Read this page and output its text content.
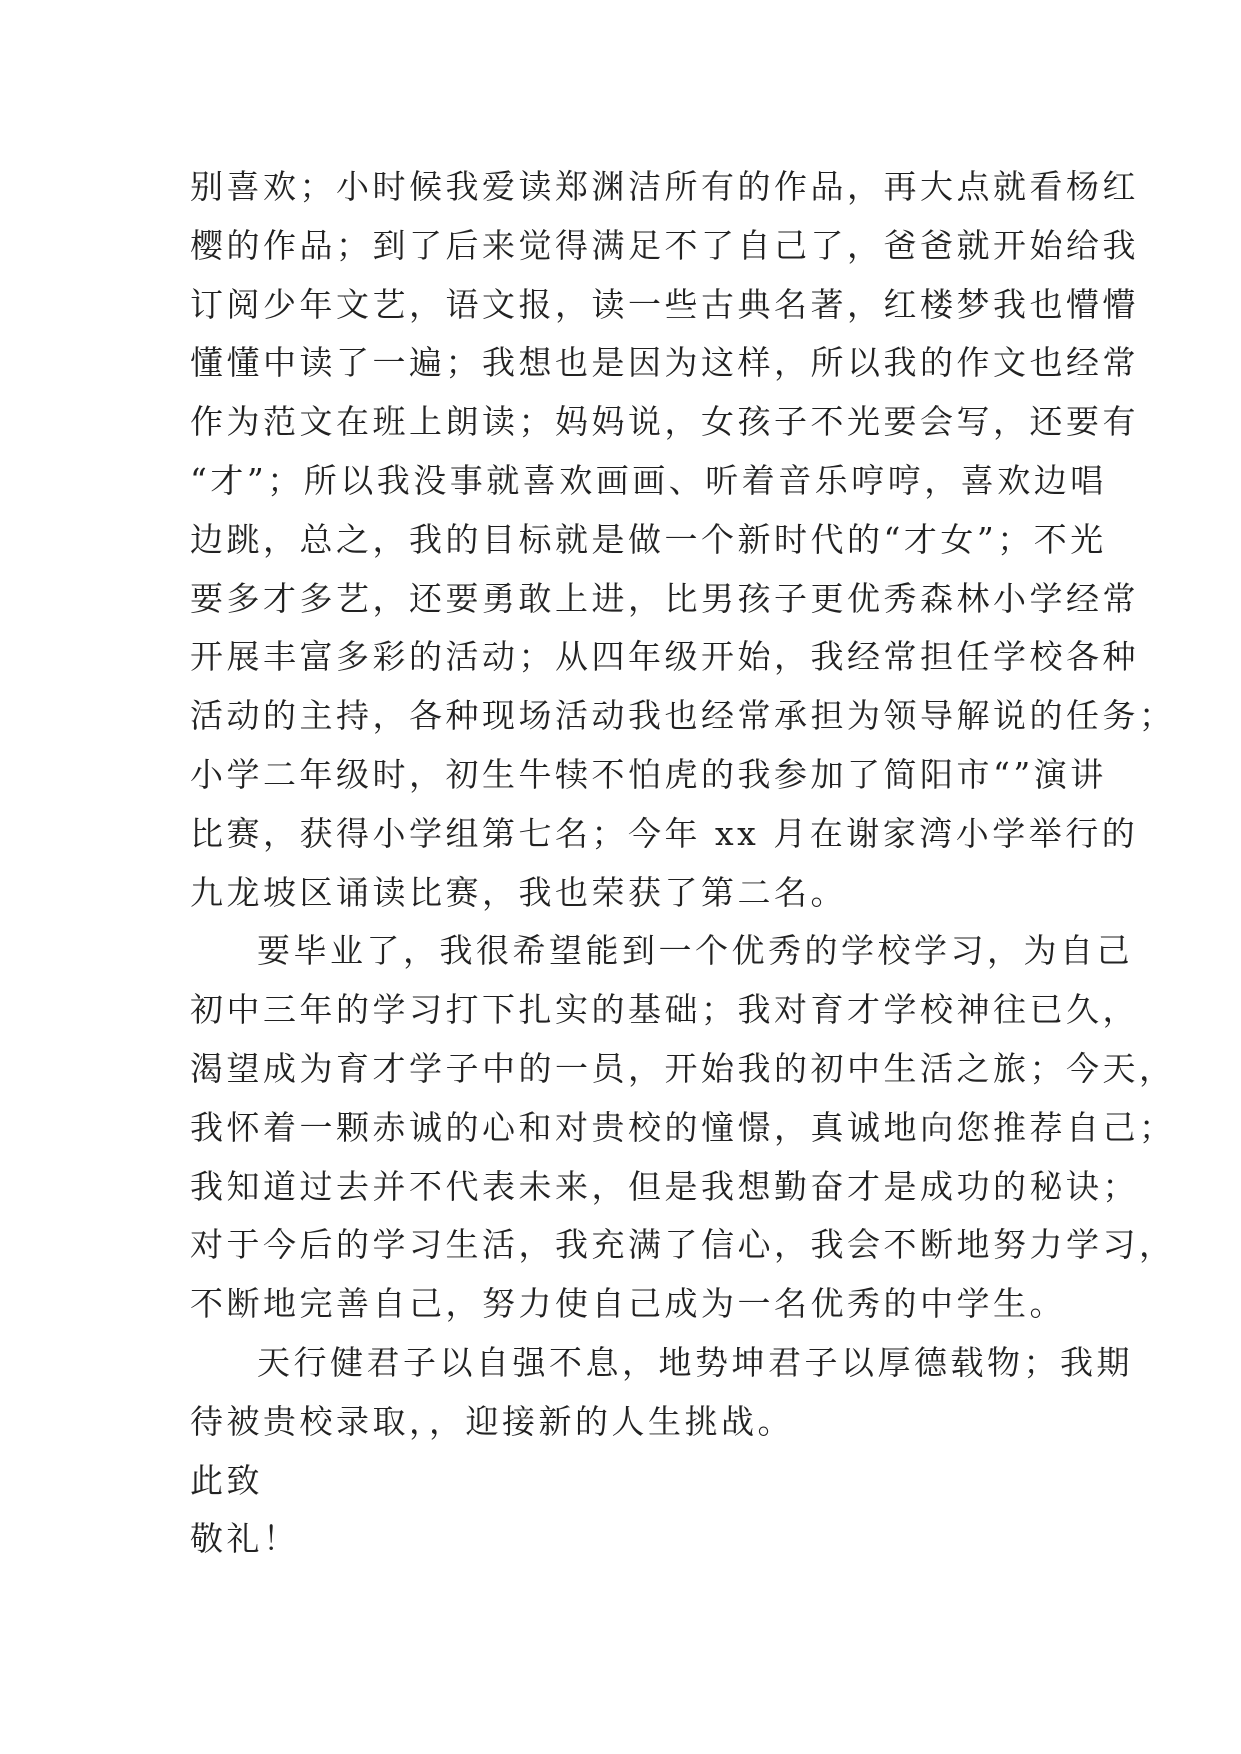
别喜欢；小时候我爱读郑渊洁所有的作品，再大点就看杨红
樱的作品；到了后来觉得满足不了自己了，爸爸就开始给我
订阅少年文艺，语文报，读一些古典名著，红楼梦我也懵懵
懂懂中读了一遍；我想也是因为这样，所以我的作文也经常
作为范文在班上朗读；妈妈说，女孩子不光要会写，还要有
“才”；所以我没事就喜欢画画、听着音乐哼哼，喜欢边唱
边跳，总之，我的目标就是做一个新时代的“才女”；不光
要多才多艺，还要勇敢上进，比男孩子更优秀森林小学经常
开展丰富多彩的活动；从四年级开始，我经常担任学校各种
活动的主持，各种现场活动我也经常承担为领导解说的任务；
小学二年级时，初生牛犊不怕虎的我参加了简阳市“”演讲
比赛，获得小学组第七名；今年 xx 月在谢家湾小学举行的
九龙坡区诵读比赛，我也荣获了第二名。
要毕业了，我很希望能到一个优秀的学校学习，为自己
初中三年的学习打下扎实的基础；我对育才学校神往已久，
渴望成为育才学子中的一员，开始我的初中生活之旅；今天，
我怀着一颗赤诚的心和对贵校的憧憬，真诚地向您推荐自己；
我知道过去并不代表未来，但是我想勤奋才是成功的秘诀；
对于今后的学习生活，我充满了信心，我会不断地努力学习，
不断地完善自己，努力使自己成为一名优秀的中学生。
天行健君子以自强不息，地势坤君子以厚德载物；我期
待被贵校录取，，迎接新的人生挑战。
此致
敬礼！
